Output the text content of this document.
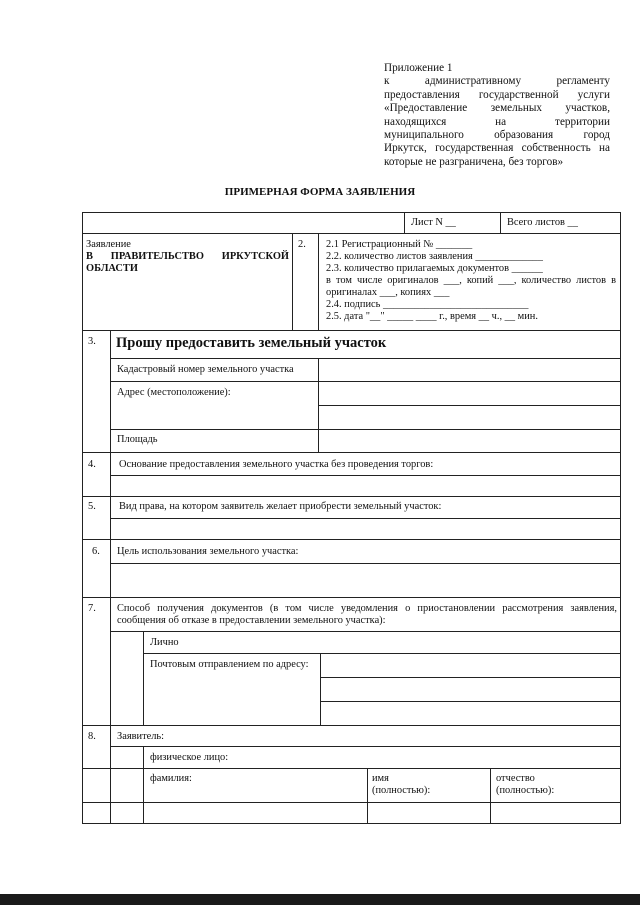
Приложение 1
к административному регламенту
предоставления государственной услуги
«Предоставление земельных участков,
находящихся на территории
муниципального образования город
Иркутск, государственная собственность на
которые не разграничена, без торгов»
ПРИМЕРНАЯ ФОРМА ЗАЯВЛЕНИЯ
Лист N __	Всего листов __
Заявление
В ПРАВИТЕЛЬСТВО ИРКУТСКОЙ
ОБЛАСТИ
2. 2.1 Регистрационный № _______
2.2. количество листов заявления _____________
2.3. количество прилагаемых документов ______
в том числе оригиналов ___, копий ___, количество листов в
оригиналах ___, копиях ___
2.4. подпись ____________________________
2.5. дата "__" _____ ____ г., время __ ч., __ мин.
3. Прошу предоставить земельный участок
Кадастровый номер земельного участка
Адрес (местоположение):
Площадь
4. Основание предоставления земельного участка без проведения торгов:
5. Вид права, на котором заявитель желает приобрести земельный участок:
6. Цель использования земельного участка:
7. Способ получения документов (в том числе уведомления о приостановлении рассмотрения заявления,
сообщения об отказе в предоставлении земельного участка):
Лично
Почтовым отправлением по адресу:
8. Заявитель:
физическое лицо:
фамилия:	имя
(полностью):
отчество
(полностью):
